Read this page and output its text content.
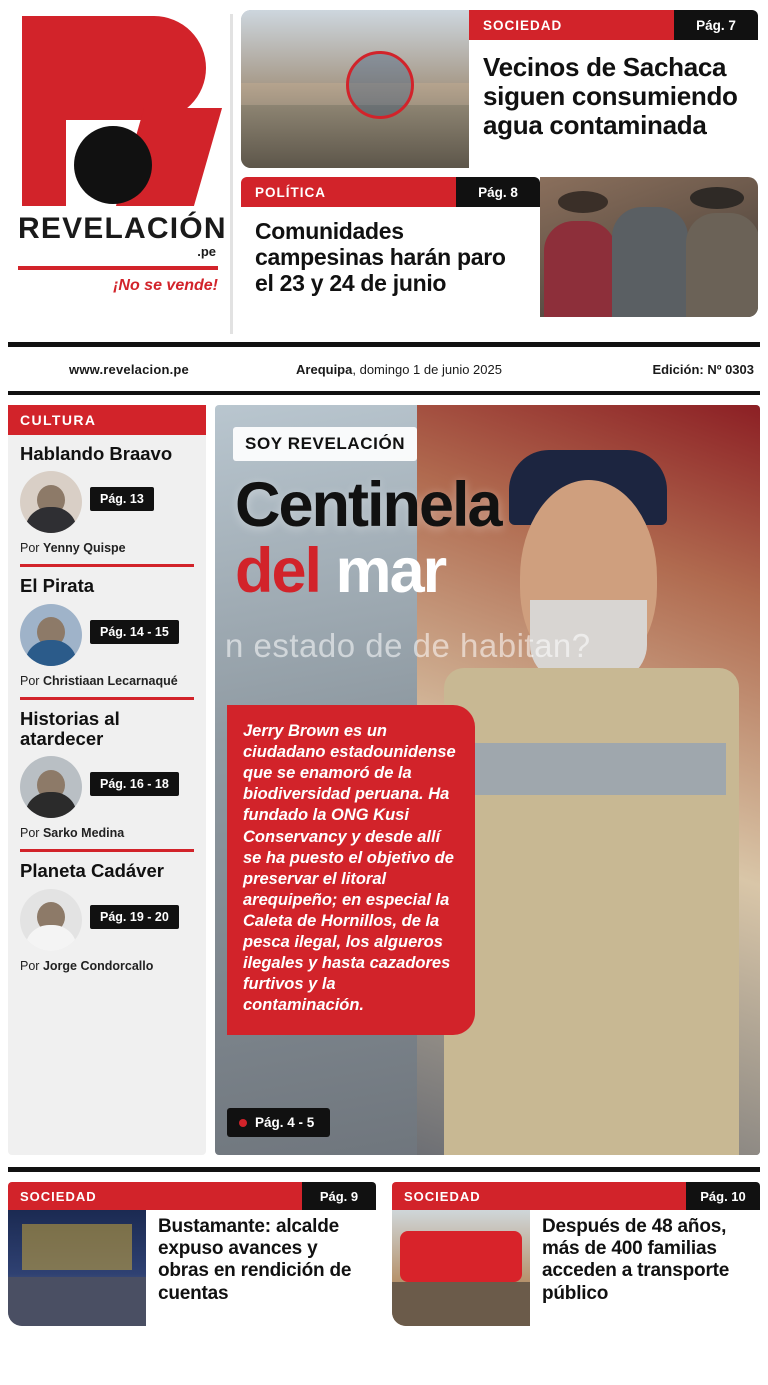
REVELACIÓN
.pe
¡No se vende!
SOCIEDAD	Pág. 7
Vecinos de Sachaca siguen consumiendo agua contaminada
POLÍTICA	Pág. 8
Comunidades campesinas harán paro el 23 y 24 de junio
www.revelacion.pe	Arequipa, domingo 1 de junio 2025	Edición: Nº 0303
CULTURA
Hablando Braavo
Pág. 13
Por Yenny Quispe
El Pirata
Pág. 14 - 15
Por Christiaan Lecarnaqué
Historias al atardecer
Pág. 16 - 18
Por Sarko Medina
Planeta Cadáver
Pág. 19 - 20
Por Jorge Condorcallo
n estado de de habitan?
SOY REVELACIÓN
Centinela
del mar
Jerry Brown es un ciudadano estadounidense que se enamoró de la biodiversidad peruana. Ha fundado la ONG Kusi Conservancy y desde allí se ha puesto el objetivo de preservar el litoral arequipeño; en especial la Caleta de Hornillos, de la pesca ilegal, los algueros ilegales y hasta cazadores furtivos y la contaminación.
Pág. 4 - 5
SOCIEDAD	Pág. 9
Bustamante: alcalde expuso avances y obras en rendición de cuentas
SOCIEDAD	Pág. 10
Después de 48 años, más de 400 familias acceden a transporte público
